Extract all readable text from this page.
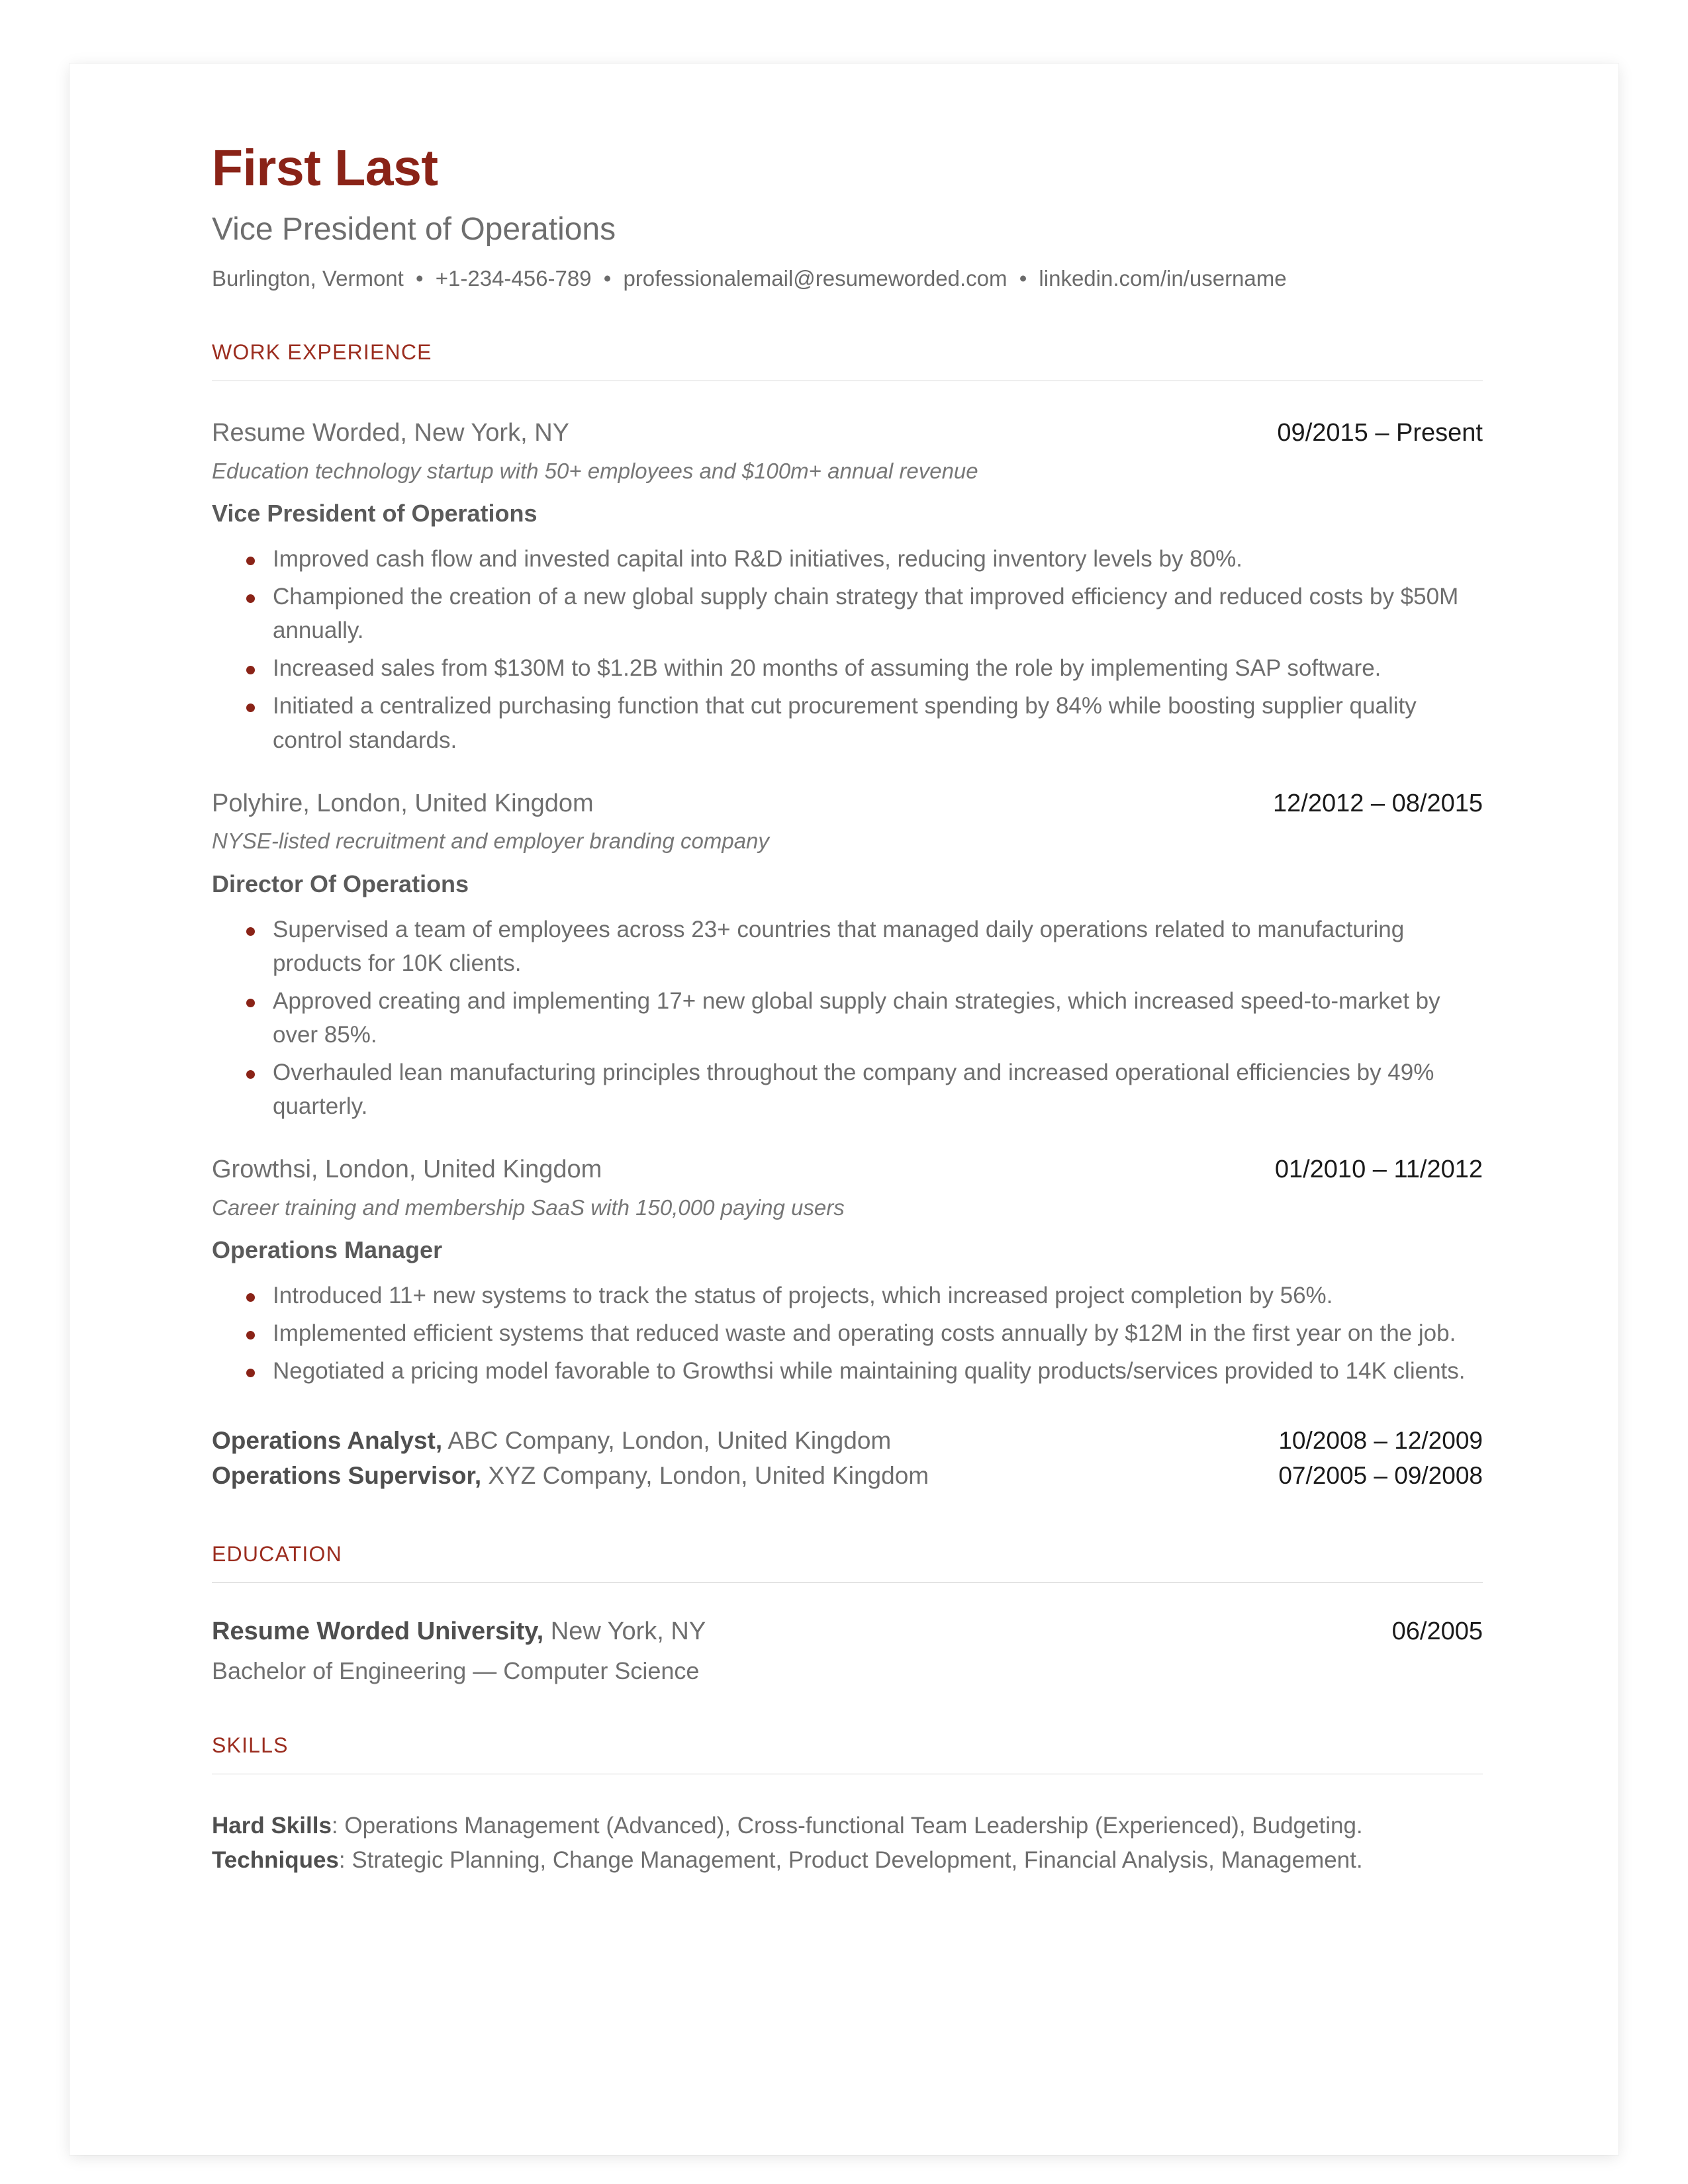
First Last
Vice President of Operations
Burlington, Vermont • +1-234-456-789 • professionalemail@resumeworded.com • linkedin.com/in/username
WORK EXPERIENCE
Resume Worded, New York, NY	09/2015 – Present
Education technology startup with 50+ employees and $100m+ annual revenue
Vice President of Operations
Improved cash flow and invested capital into R&D initiatives, reducing inventory levels by 80%.
Championed the creation of a new global supply chain strategy that improved efficiency and reduced costs by $50M annually.
Increased sales from $130M to $1.2B within 20 months of assuming the role by implementing SAP software.
Initiated a centralized purchasing function that cut procurement spending by 84% while boosting supplier quality control standards.
Polyhire, London, United Kingdom	12/2012 – 08/2015
NYSE-listed recruitment and employer branding company
Director Of Operations
Supervised a team of employees across 23+ countries that managed daily operations related to manufacturing products for 10K clients.
Approved creating and implementing 17+ new global supply chain strategies, which increased speed-to-market by over 85%.
Overhauled lean manufacturing principles throughout the company and increased operational efficiencies by 49% quarterly.
Growthsi, London, United Kingdom	01/2010 – 11/2012
Career training and membership SaaS with 150,000 paying users
Operations Manager
Introduced 11+ new systems to track the status of projects, which increased project completion by 56%.
Implemented efficient systems that reduced waste and operating costs annually by $12M in the first year on the job.
Negotiated a pricing model favorable to Growthsi while maintaining quality products/services provided to 14K clients.
Operations Analyst, ABC Company, London, United Kingdom	10/2008 – 12/2009
Operations Supervisor, XYZ Company, London, United Kingdom	07/2005 – 09/2008
EDUCATION
Resume Worded University, New York, NY	06/2005
Bachelor of Engineering — Computer Science
SKILLS
Hard Skills: Operations Management (Advanced), Cross-functional Team Leadership (Experienced), Budgeting.
Techniques: Strategic Planning, Change Management, Product Development, Financial Analysis, Management.
